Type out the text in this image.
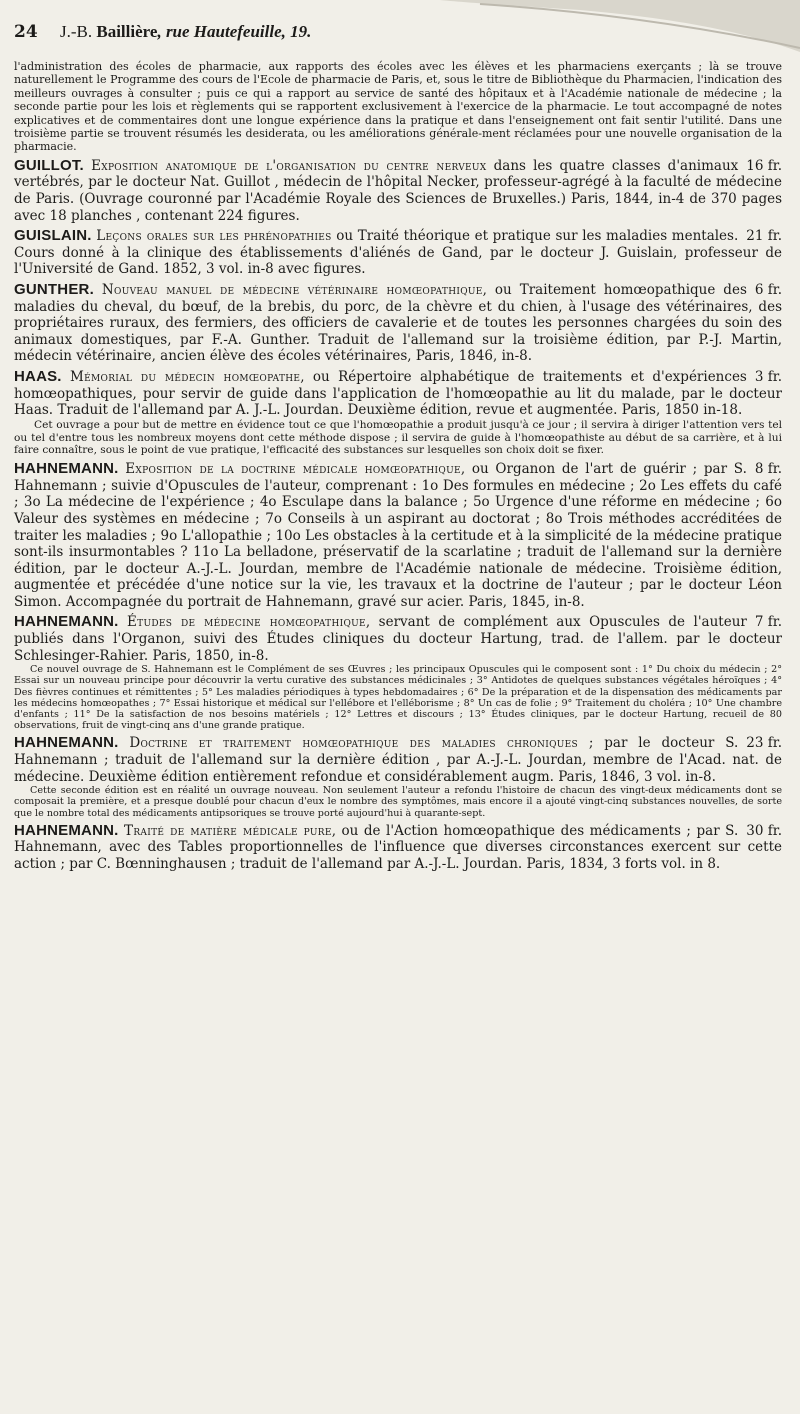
24	J.-B. Baillière, rue Hautefeuille, 19.

l'administration des écoles de pharmacie, aux rapports des écoles avec les élèves et les pharmaciens exerçants ; là se trouve naturellement le Programme des cours de l'Ecole de pharmacie de Paris, et, sous le titre de Bibliothèque du Pharmacien, l'indication des meilleurs ouvrages à consulter ; puis ce qui a rapport au service de santé des hôpitaux et à l'Académie nationale de médecine ; la seconde partie pour les lois et règlements qui se rapportent exclusivement à l'exercice de la pharmacie. Le tout accompagné de notes explicatives et de commentaires dont une longue expérience dans la pratique et dans l'enseignement ont fait sentir l'utilité. Dans une troisième partie se trouvent résumés les desiderata, ou les améliorations générale-ment réclamées pour une nouvelle organisation de la pharmacie.

16 fr.
GUILLOT. Exposition anatomique de l'organisation du centre nerveux dans les quatre classes d'animaux vertébrés, par le docteur Nat. Guillot , médecin de l'hôpital Necker, professeur-agrégé à la faculté de médecine de Paris. (Ouvrage couronné par l'Académie Royale des Sciences de Bruxelles.) Paris, 1844, in-4 de 370 pages avec 18 planches , contenant 224 figures.

21 fr.
GUISLAIN. Leçons orales sur les phrénopathies ou Traité théorique et pratique sur les maladies mentales. Cours donné à la clinique des établissements d'aliénés de Gand, par le docteur J. Guislain, professeur de l'Université de Gand. 1852, 3 vol. in-8 avec figures.

6 fr.
GUNTHER. Nouveau manuel de médecine vétérinaire homœopathique, ou Traitement homœopathique des maladies du cheval, du bœuf, de la brebis, du porc, de la chèvre et du chien, à l'usage des vétérinaires, des propriétaires ruraux, des fermiers, des officiers de cavalerie et de toutes les personnes chargées du soin des animaux domestiques, par F.-A. Gunther. Traduit de l'allemand sur la troisième édition, par P.-J. Martin, médecin vétérinaire, ancien élève des écoles vétérinaires, Paris, 1846, in-8.

3 fr.
HAAS. Mémorial du médecin homœopathe, ou Répertoire alphabétique de traitements et d'expériences homœopathiques, pour servir de guide dans l'application de l'homœopathie au lit du malade, par le docteur Haas. Traduit de l'allemand par A. J.-L. Jourdan. Deuxième édition, revue et augmentée. Paris, 1850 in-18.

Cet ouvrage a pour but de mettre en évidence tout ce que l'homœopathie a produit jusqu'à ce jour ; il servira à diriger l'attention vers tel ou tel d'entre tous les nombreux moyens dont cette méthode dispose ; il servira de guide à l'homœopathiste au début de sa carrière, et à lui faire connaître, sous le point de vue pratique, l'efficacité des substances sur lesquelles son choix doit se fixer.

8 fr.
HAHNEMANN. Exposition de la doctrine médicale homœopathique, ou Organon de l'art de guérir ; par S. Hahnemann ; suivie d'Opuscules de l'auteur, comprenant : 1o Des formules en médecine ; 2o Les effets du café ; 3o La médecine de l'expérience ; 4o Esculape dans la balance ; 5o Urgence d'une réforme en médecine ; 6o Valeur des systèmes en médecine ; 7o Conseils à un aspirant au doctorat ; 8o Trois méthodes accréditées de traiter les maladies ; 9o L'allopathie ; 10o Les obstacles à la certitude et à la simplicité de la médecine pratique sont-ils insurmontables ? 11o La belladone, préservatif de la scarlatine ; traduit de l'allemand sur la dernière édition, par le docteur A.-J.-L. Jourdan, membre de l'Académie nationale de médecine. Troisième édition, augmentée et précédée d'une notice sur la vie, les travaux et la doctrine de l'auteur ; par le docteur Léon Simon. Accompagnée du portrait de Hahnemann, gravé sur acier. Paris, 1845, in-8.

7 fr.
HAHNEMANN. Études de médecine homœopathique, servant de complément aux Opuscules de l'auteur publiés dans l'Organon, suivi des Études cliniques du docteur Hartung, trad. de l'allem. par le docteur Schlesinger-Rahier. Paris, 1850, in-8.

Ce nouvel ouvrage de S. Hahnemann est le Complément de ses Œuvres ; les principaux Opuscules qui le composent sont : 1° Du choix du médecin ; 2° Essai sur un nouveau principe pour découvrir la vertu curative des substances médicinales ; 3° Antidotes de quelques substances végétales héroïques ; 4° Des fièvres continues et rémittentes ; 5° Les maladies périodiques à types hebdomadaires ; 6° De la préparation et de la dispensation des médicaments par les médecins homœopathes ; 7° Essai historique et médical sur l'ellébore et l'elléborisme ; 8° Un cas de folie ; 9° Traitement du choléra ; 10° Une chambre d'enfants ; 11° De la satisfaction de nos besoins matériels ; 12° Lettres et discours ; 13° Études cliniques, par le docteur Hartung, recueil de 80 observations, fruit de vingt-cinq ans d'une grande pratique.

23 fr.
HAHNEMANN. Doctrine et traitement homœopathique des maladies chroniques ; par le docteur S. Hahnemann ; traduit de l'allemand sur la dernière édition , par A.-J.-L. Jourdan, membre de l'Acad. nat. de médecine. Deuxième édition entièrement refondue et considérablement augm. Paris, 1846, 3 vol. in-8.

Cette seconde édition est en réalité un ouvrage nouveau. Non seulement l'auteur a refondu l'histoire de chacun des vingt-deux médicaments dont se composait la première, et a presque doublé pour chacun d'eux le nombre des symptômes, mais encore il a ajouté vingt-cinq substances nouvelles, de sorte que le nombre total des médicaments antipsoriques se trouve porté aujourd'hui à quarante-sept.

30 fr.
HAHNEMANN. Traité de matière médicale pure, ou de l'Action homœopathique des médicaments ; par S. Hahnemann, avec des Tables proportionnelles de l'influence que diverses circonstances exercent sur cette action ; par C. Bœnninghausen ; traduit de l'allemand par A.-J.-L. Jourdan. Paris, 1834, 3 forts vol. in 8.
